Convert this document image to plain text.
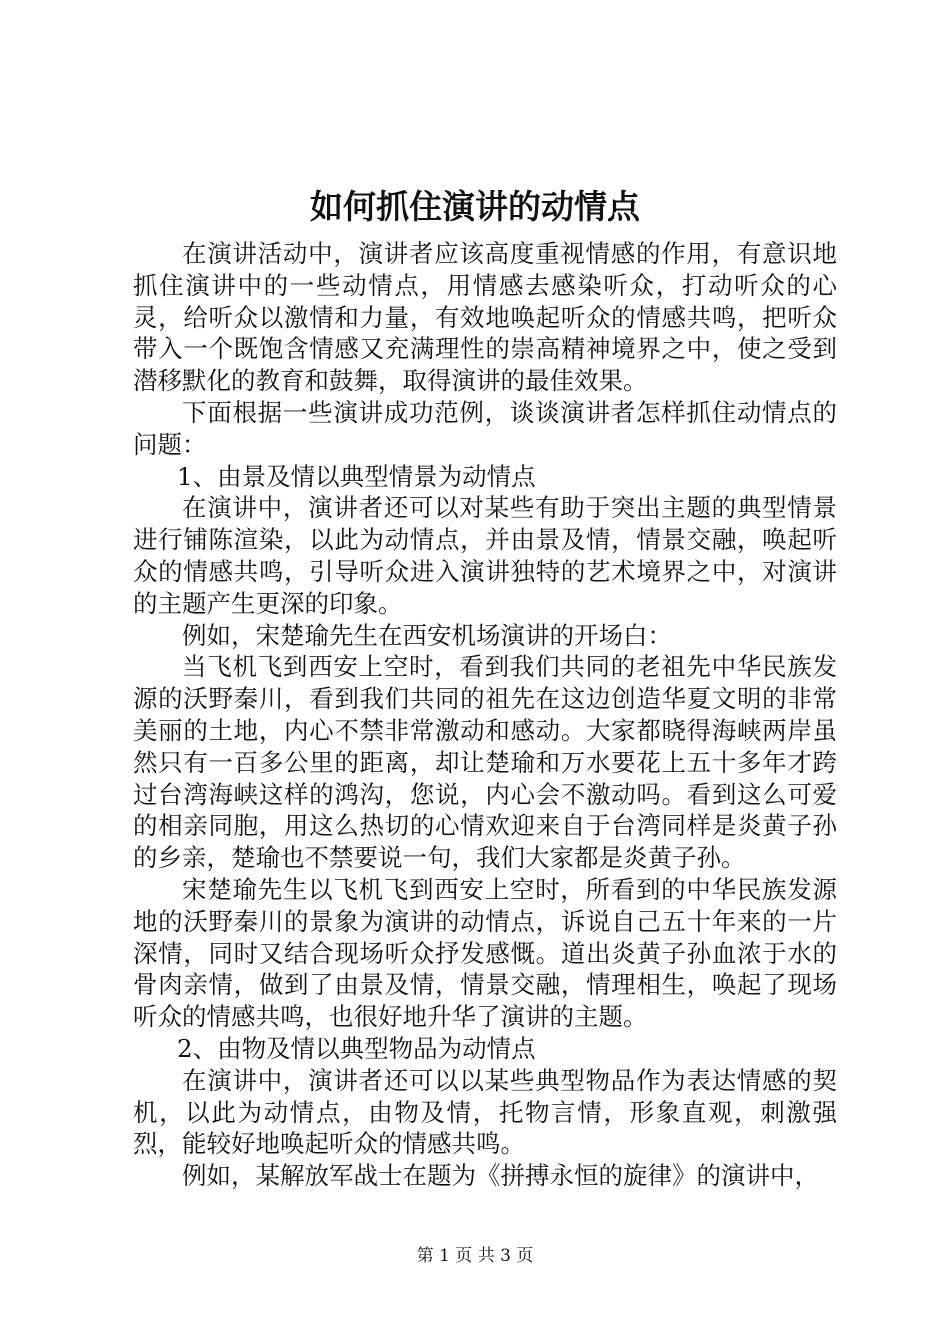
如何抓住演讲的动情点

在演讲活动中，演讲者应该高度重视情感的作用，有意识地抓住演讲中的一些动情点，用情感去感染听众，打动听众的心灵，给听众以激情和力量，有效地唤起听众的情感共鸣，把听众带入一个既饱含情感又充满理性的崇高精神境界之中，使之受到潜移默化的教育和鼓舞，取得演讲的最佳效果。

下面根据一些演讲成功范例，谈谈演讲者怎样抓住动情点的问题：

1、由景及情以典型情景为动情点

在演讲中，演讲者还可以对某些有助于突出主题的典型情景进行铺陈渲染，以此为动情点，并由景及情，情景交融，唤起听众的情感共鸣，引导听众进入演讲独特的艺术境界之中，对演讲的主题产生更深的印象。

例如，宋楚瑜先生在西安机场演讲的开场白：

当飞机飞到西安上空时，看到我们共同的老祖先中华民族发源的沃野秦川，看到我们共同的祖先在这边创造华夏文明的非常美丽的土地，内心不禁非常激动和感动。大家都晓得海峡两岸虽然只有一百多公里的距离，却让楚瑜和万水要花上五十多年才跨过台湾海峡这样的鸿沟，您说，内心会不激动吗。看到这么可爱的相亲同胞，用这么热切的心情欢迎来自于台湾同样是炎黄子孙的乡亲，楚瑜也不禁要说一句，我们大家都是炎黄子孙。

宋楚瑜先生以飞机飞到西安上空时，所看到的中华民族发源地的沃野秦川的景象为演讲的动情点，诉说自己五十年来的一片深情，同时又结合现场听众抒发感慨。道出炎黄子孙血浓于水的骨肉亲情，做到了由景及情，情景交融，情理相生，唤起了现场听众的情感共鸣，也很好地升华了演讲的主题。

2、由物及情以典型物品为动情点

在演讲中，演讲者还可以以某些典型物品作为表达情感的契机，以此为动情点，由物及情，托物言情，形象直观，刺激强烈，能较好地唤起听众的情感共鸣。

例如，某解放军战士在题为《拼搏永恒的旋律》的演讲中，

第 1 页 共 3 页
